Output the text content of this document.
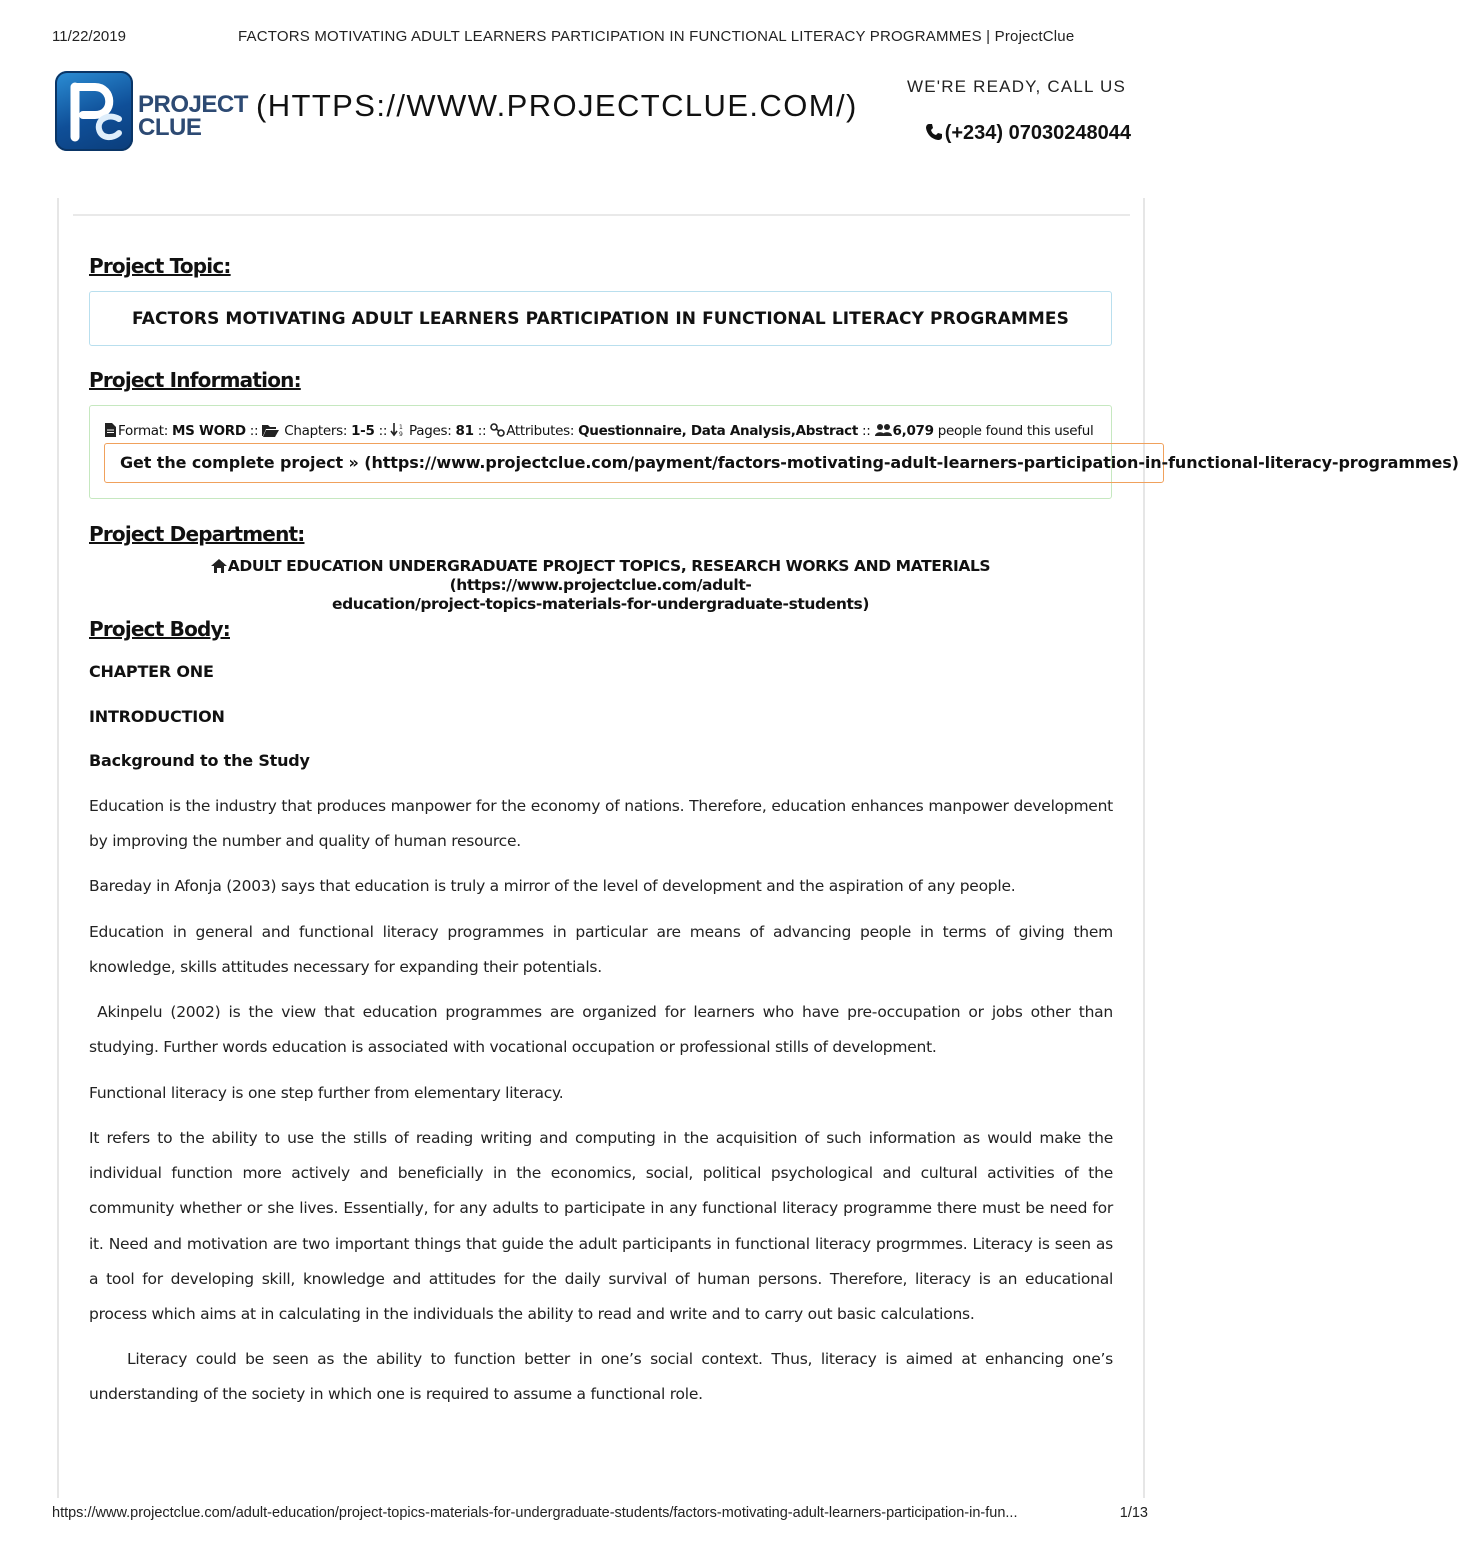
11/22/2019	FACTORS MOTIVATING ADULT LEARNERS PARTICIPATION IN FUNCTIONAL LITERACY PROGRAMMES | ProjectClue
PROJECT
CLUE
(HTTPS://WWW.PROJECTCLUE.COM/)
WE'RE READY, CALL US
(+234) 07030248044
Project Topic:
FACTORS MOTIVATING ADULT LEARNERS PARTICIPATION IN FUNCTIONAL LITERACY PROGRAMMES
Project Information:
Format: MS WORD ::  Chapters: 1-5 :: 1
9 Pages: 81 :: Attributes: Questionnaire, Data Analysis,Abstract :: 6,079 people found this useful
Get the complete project » (https://www.projectclue.com/payment/factors-motivating-adult-learners-participation-in-functional-literacy-programmes)
Project Department:
ADULT EDUCATION UNDERGRADUATE PROJECT TOPICS, RESEARCH WORKS AND MATERIALS (https://www.projectclue.com/adult-
education/project-topics-materials-for-undergraduate-students)
Project Body:
CHAPTER ONE
INTRODUCTION
Background to the Study

Education is the industry that produces manpower for the economy of nations. Therefore, education enhances manpower development by improving the number and quality of human resource.

Bareday in Afonja (2003) says that education is truly a mirror of the level of development and the aspiration of any people.

Education in general and functional literacy programmes in particular are means of advancing people in terms of giving them knowledge, skills attitudes necessary for expanding their potentials.

Akinpelu (2002) is the view that education programmes are organized for learners who have pre-occupation or jobs other than studying. Further words education is associated with vocational occupation or professional stills of development.

Functional literacy is one step further from elementary literacy.

It refers to the ability to use the stills of reading writing and computing in the acquisition of such information as would make the individual function more actively and beneficially in the economics, social, political psychological and cultural activities of the community whether or she lives. Essentially, for any adults to participate in any functional literacy programme there must be need for it. Need and motivation are two important things that guide the adult participants in functional literacy progrmmes. Literacy is seen as a tool for developing skill, knowledge and attitudes for the daily survival of human persons. Therefore, literacy is an educational process which aims at in calculating in the individuals the ability to read and write and to carry out basic calculations.

Literacy could be seen as the ability to function better in one’s social context. Thus, literacy is aimed at enhancing one’s understanding of the society in which one is required to assume a functional role.

https://www.projectclue.com/adult-education/project-topics-materials-for-undergraduate-students/factors-motivating-adult-learners-participation-in-fun...	1/13
